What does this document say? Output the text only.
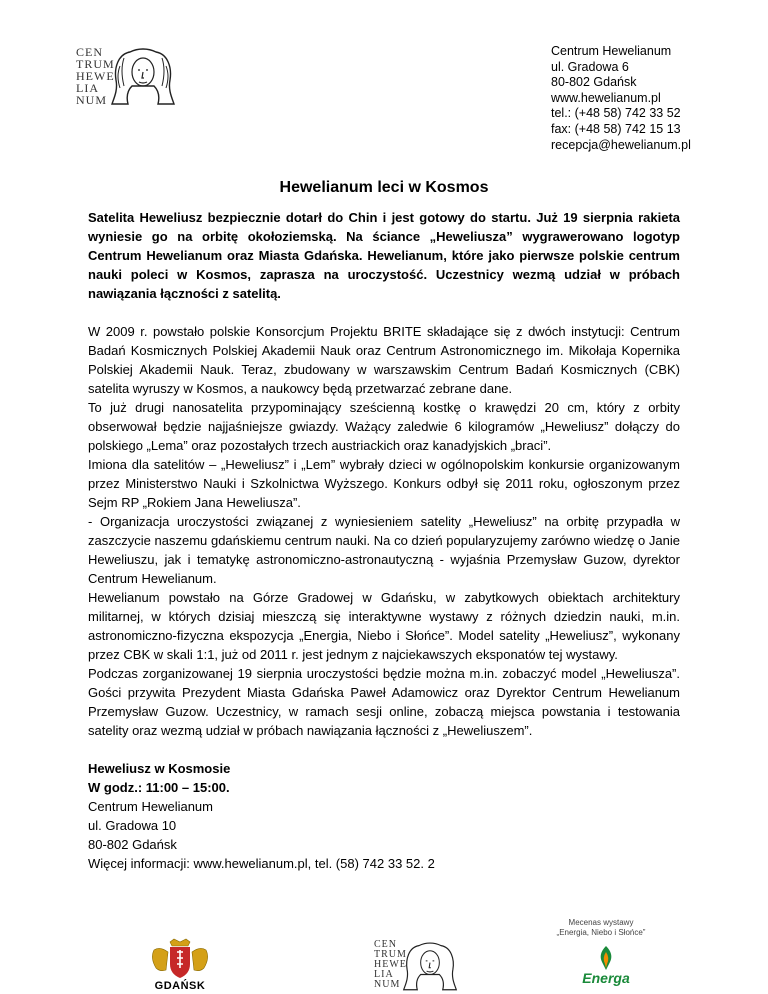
CEN
TRUM
HEWE
LIA
NUM
Centrum Hewelianum
ul. Gradowa 6
80-802 Gdańsk
www.hewelianum.pl
tel.: (+48 58) 742 33 52
fax: (+48 58) 742 15 13
recepcja@hewelianum.pl
Hewelianum leci w Kosmos

Satelita Heweliusz bezpiecznie dotarł do Chin i jest gotowy do startu. Już 19 sierpnia rakieta wyniesie go na orbitę okołoziemską. Na ściance „Heweliusza” wygrawerowano logotyp Centrum Hewelianum oraz Miasta Gdańska. Hewelianum, które jako pierwsze polskie centrum nauki poleci w Kosmos, zaprasza na uroczystość. Uczestnicy wezmą udział w próbach nawiązania łączności z satelitą.

W 2009 r. powstało polskie Konsorcjum Projektu BRITE składające się z dwóch instytucji: Centrum Badań Kosmicznych Polskiej Akademii Nauk oraz Centrum Astronomicznego im. Mikołaja Kopernika Polskiej Akademii Nauk. Teraz, zbudowany w warszawskim Centrum Badań Kosmicznych (CBK) satelita wyruszy w Kosmos, a naukowcy będą przetwarzać zebrane dane.

To już drugi nanosatelita przypominający sześcienną kostkę o krawędzi 20 cm, który z orbity obserwował będzie najjaśniejsze gwiazdy. Ważący zaledwie 6 kilogramów „Heweliusz” dołączy do polskiego „Lema” oraz pozostałych trzech austriackich oraz kanadyjskich „braci”.

Imiona dla satelitów – „Heweliusz” i „Lem” wybrały dzieci w ogólnopolskim konkursie organizowanym przez Ministerstwo Nauki i Szkolnictwa Wyższego. Konkurs odbył się 2011 roku, ogłoszonym przez Sejm RP „Rokiem Jana Heweliusza”.

- Organizacja uroczystości związanej z wyniesieniem satelity „Heweliusz” na orbitę przypadła w zaszczycie naszemu gdańskiemu centrum nauki. Na co dzień popularyzujemy zarówno wiedzę o Janie Heweliuszu, jak i tematykę astronomiczno-astronautyczną - wyjaśnia Przemysław Guzow, dyrektor Centrum Hewelianum.

Hewelianum powstało na Górze Gradowej w Gdańsku, w zabytkowych obiektach architektury militarnej, w których dzisiaj mieszczą się interaktywne wystawy z różnych dziedzin nauki, m.in. astronomiczno-fizyczna ekspozycja „Energia, Niebo i Słońce”. Model satelity „Heweliusz”, wykonany przez CBK w skali 1:1, już od 2011 r. jest jednym z najciekawszych eksponatów tej wystawy.

Podczas zorganizowanej 19 sierpnia uroczystości będzie można m.in. zobaczyć model „Heweliusza”. Gości przywita Prezydent Miasta Gdańska Paweł Adamowicz oraz Dyrektor Centrum Hewelianum Przemysław Guzow. Uczestnicy, w ramach sesji online, zobaczą miejsca powstania i testowania satelity oraz wezmą udział w próbach nawiązania łączności z „Heweliuszem”.

Heweliusz w Kosmosie
W godz.: 11:00 – 15:00.
Centrum Hewelianum
ul. Gradowa 10
80-802 Gdańsk
Więcej informacji: www.hewelianum.pl, tel. (58) 742 33 52. 2
GDAŃSK
CEN
TRUM
HEWE
LIA
NUM
Mecenas wystawy
„Energia, Niebo i Słońce”
Energa
